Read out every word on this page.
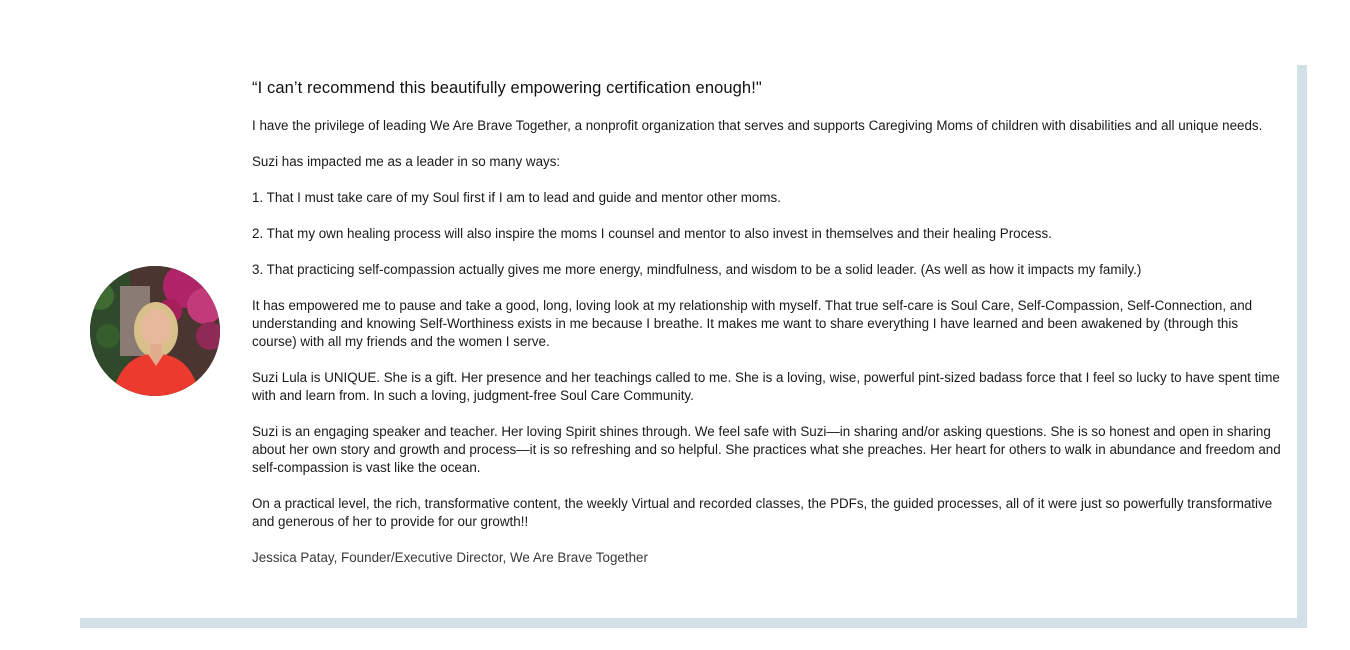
“I can’t recommend this beautifully empowering certification enough!"

I have the privilege of leading We Are Brave Together, a nonprofit organization that serves and supports Caregiving Moms of children with disabilities and all unique needs.

Suzi has impacted me as a leader in so many ways:

1. That I must take care of my Soul first if I am to lead and guide and mentor other moms.

2. That my own healing process will also inspire the moms I counsel and mentor to also invest in themselves and their healing Process.

3. That practicing self-compassion actually gives me more energy, mindfulness, and wisdom to be a solid leader. (As well as how it impacts my family.)

It has empowered me to pause and take a good, long, loving look at my relationship with myself. That true self-care is Soul Care, Self-Compassion, Self-Connection, and understanding and knowing Self-Worthiness exists in me because I breathe. It makes me want to share everything I have learned and been awakened by (through this course) with all my friends and the women I serve.

Suzi Lula is UNIQUE. She is a gift. Her presence and her teachings called to me. She is a loving, wise, powerful pint-sized badass force that I feel so lucky to have spent time with and learn from. In such a loving, judgment-free Soul Care Community.

Suzi is an engaging speaker and teacher. Her loving Spirit shines through. We feel safe with Suzi—in sharing and/or asking questions. She is so honest and open in sharing about her own story and growth and process—it is so refreshing and so helpful. She practices what she preaches. Her heart for others to walk in abundance and freedom and self-compassion is vast like the ocean.

On a practical level, the rich, transformative content, the weekly Virtual and recorded classes, the PDFs, the guided processes, all of it were just so powerfully transformative and generous of her to provide for our growth!!

Jessica Patay, Founder/Executive Director, We Are Brave Together
